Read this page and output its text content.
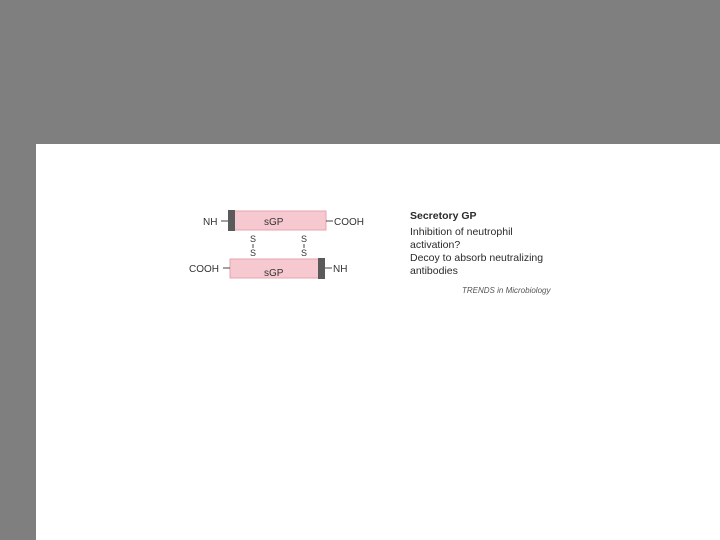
NH	sGP	COOH
S
S
S
S
COOH	sGP	NH
Secretory GP
Inhibition of neutrophil
activation?
Decoy to absorb neutralizing
antibodies
TRENDS in Microbiology
